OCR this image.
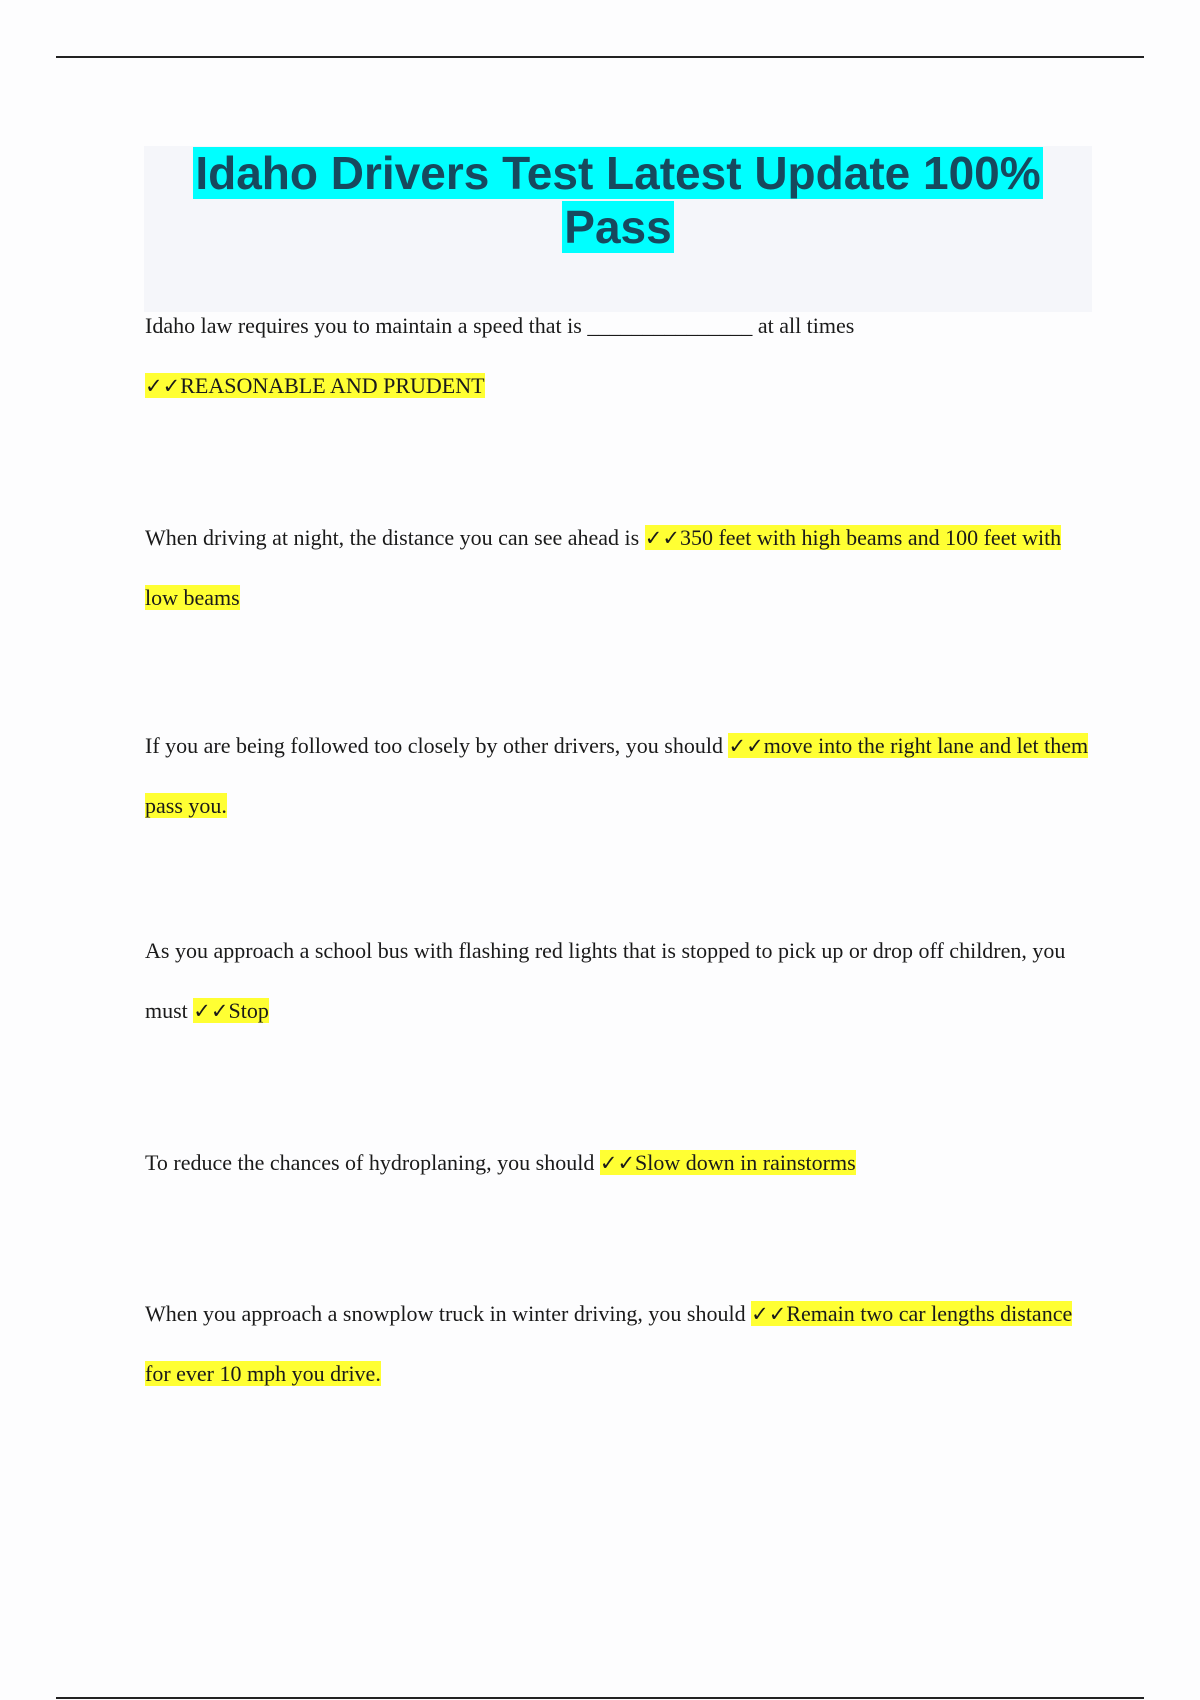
Idaho Drivers Test Latest Update 100%
Pass

Idaho law requires you to maintain a speed that is _______________ at all times

✓✓REASONABLE AND PRUDENT

When driving at night, the distance you can see ahead is ✓✓350 feet with high beams and 100 feet with low beams

If you are being followed too closely by other drivers, you should ✓✓move into the right lane and let them pass you.

As you approach a school bus with flashing red lights that is stopped to pick up or drop off children, you must ✓✓Stop

To reduce the chances of hydroplaning, you should ✓✓Slow down in rainstorms

When you approach a snowplow truck in winter driving, you should ✓✓Remain two car lengths distance for ever 10 mph you drive.
